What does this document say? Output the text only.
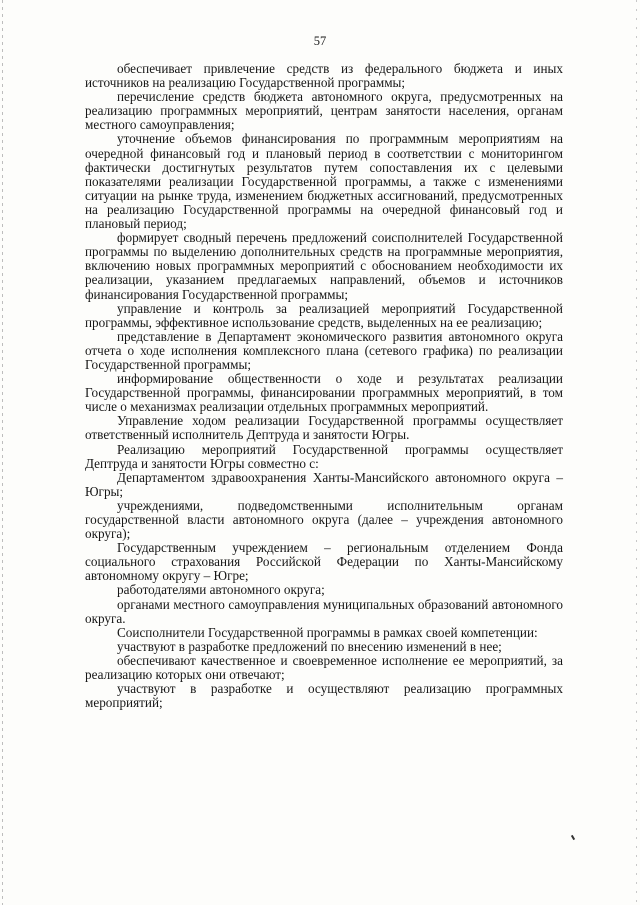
57

обеспечивает привлечение средств из федерального бюджета и иных источников на реализацию Государственной программы;

перечисление средств бюджета автономного округа, предусмотренных на реализацию программных мероприятий, центрам занятости населения, органам местного самоуправления;

уточнение объемов финансирования по программным мероприятиям на очередной финансовый год и плановый период в соответствии с мониторингом фактически достигнутых результатов путем сопоставления их с целевыми показателями реализации Государственной программы, а также с изменениями ситуации на рынке труда, изменением бюджетных ассигнований, предусмотренных на реализацию Государственной программы на очередной финансовый год и плановый период;

формирует сводный перечень предложений соисполнителей Государственной программы по выделению дополнительных средств на программные мероприятия, включению новых программных мероприятий с обоснованием необходимости их реализации, указанием предлагаемых направлений, объемов и источников финансирования Государственной программы;

управление и контроль за реализацией мероприятий Государственной программы, эффективное использование средств, выделенных на ее реализацию;

представление в Департамент экономического развития автономного округа отчета о ходе исполнения комплексного плана (сетевого графика) по реализации Государственной программы;

информирование общественности о ходе и результатах реализации Государственной программы, финансировании программных мероприятий, в том числе о механизмах реализации отдельных программных мероприятий.

Управление ходом реализации Государственной программы осуществляет ответственный исполнитель Дептруда и занятости Югры.

Реализацию мероприятий Государственной программы осуществляет Дептруда и занятости Югры совместно с:

Департаментом здравоохранения Ханты-Мансийского автономного округа – Югры;

учреждениями, подведомственными исполнительным органам государственной власти автономного округа (далее – учреждения автономного округа);

Государственным учреждением – региональным отделением Фонда социального страхования Российской Федерации по Ханты-Мансийскому автономному округу – Югре;

работодателями автономного округа;

органами местного самоуправления муниципальных образований автономного округа.

Соисполнители Государственной программы в рамках своей компетенции:

участвуют в разработке предложений по внесению изменений в нее;

обеспечивают качественное и своевременное исполнение ее мероприятий, за реализацию которых они отвечают;

участвуют в разработке и осуществляют реализацию программных мероприятий;
